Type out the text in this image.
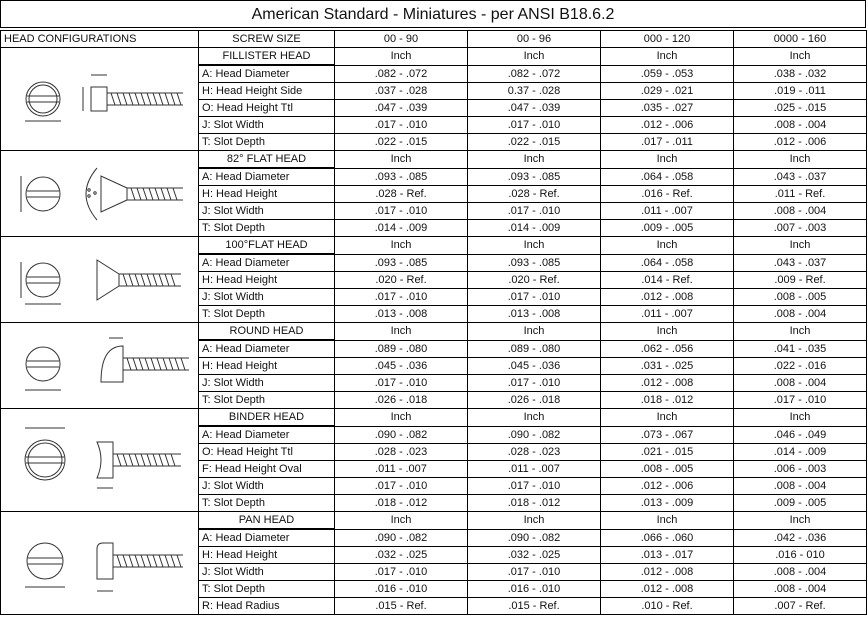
American Standard - Miniatures - per ANSI B18.6.2
HEAD CONFIGURATIONS	SCREW SIZE	00 - 90	00 - 96	000 - 120	0000 - 160

	FILLISTER HEAD	Inch	Inch	Inch	Inch
	A: Head Diameter	.082 - .072	.082 - .072	.059 - .053	.038 - .032
	H: Head Height Side	.037 - .028	0.37 - .028	.029 - .021	.019 - .011
	O: Head Height Ttl	.047 - .039	.047 - .039	.035 - .027	.025 - .015
	J: Slot Width	.017 - .010	.017 - .010	.012 - .006	.008 - .004
	T: Slot Depth	.022 - .015	.022 - .015	.017 - .011	.012 - .006

	82° FLAT HEAD	Inch	Inch	Inch	Inch
	A: Head Diameter	.093 - .085	.093 - .085	.064 - .058	.043 - .037
	H: Head Height	.028 - Ref.	.028 - Ref.	.016 - Ref.	.011 - Ref.
	J: Slot Width	.017 - .010	.017 - .010	.011 - .007	.008 - .004
	T: Slot Depth	.014 - .009	.014 - .009	.009 - .005	.007 - .003

	100°FLAT HEAD	Inch	Inch	Inch	Inch
	A: Head Diameter	.093 - .085	.093 - .085	.064 - .058	.043 - .037
	H: Head Height	.020 - Ref.	.020 - Ref.	.014 - Ref.	.009 - Ref.
	J: Slot Width	.017 - .010	.017 - .010	.012 - .008	.008 - .005
	T: Slot Depth	.013 - .008	.013 - .008	.011 - .007	.008 - .004

	ROUND HEAD	Inch	Inch	Inch	Inch
	A: Head Diameter	.089 - .080	.089 - .080	.062 - .056	.041 - .035
	H: Head Height	.045 - .036	.045 - .036	.031 - .025	.022 - .016
	J: Slot Width	.017 - .010	.017 - .010	.012 - .008	.008 - .004
	T: Slot Depth	.026 - .018	.026 - .018	.018 - .012	.017 - .010

	BINDER HEAD	Inch	Inch	Inch	Inch
	A: Head Diameter	.090 - .082	.090 - .082	.073 - .067	.046 - .049
	O: Head Height Ttl	.028 - .023	.028 - .023	.021 - .015	.014 - .009
	F: Head Height Oval	.011 - .007	.011 - .007	.008 - .005	.006 - .003
	J: Slot Width	.017 - .010	.017 - .010	.012 - .006	.008 - .004
	T: Slot Depth	.018 - .012	.018 - .012	.013 - .009	.009 - .005

	PAN HEAD	Inch	Inch	Inch	Inch
	A: Head Diameter	.090 - .082	.090 - .082	.066 - .060	.042 - .036
	H: Head Height	.032 - .025	.032 - .025	.013 - .017	.016 - 010
	J: Slot Width	.017 - .010	.017 - .010	.012 - .008	.008 - .004
	T: Slot Depth	.016 - .010	.016 - .010	.012 - .008	.008 - .004
	R: Head Radius	.015 - Ref.	.015 - Ref.	.010 - Ref.	.007 - Ref.
